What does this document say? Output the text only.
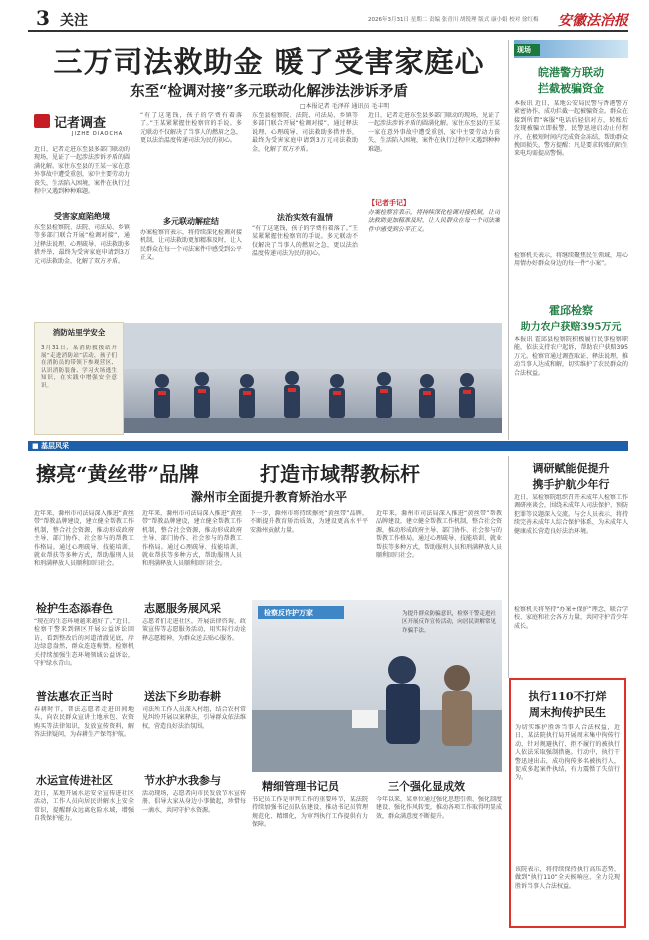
3 关注	2026年3月31日 星期二 责编 张青川 胡锐理 版式 康小娟 校对 徐红梅 安徽法治报
三万司法救助金 暖了受害家庭心
东至“检调对接”多元联动化解涉法涉诉矛盾
□本报记者 毛泽祥 通讯员 毛丰明
记者调查
JIZHE DIAOCHA
近日，记者走进东至县多部门联动的现场，见证了一起涉法涉诉矛盾的圆满化解。家住东至县的王某一家在意外事故中遭受重创，家中主要劳动力丧失，生活陷入困境，案件在执行过程中又遇到种种难题。
受害家庭陷绝境
东至县检察院、法院、司法局、乡镇等多部门联合开展“检调对接”，通过释法说理、心理疏导、司法救助多措并举，最终为受害家庭申请到3万元司法救助金，化解了双方矛盾。
“有了这笔钱，孩子的学费有着落了。”王某紧紧握住检察官的手说。多元联动不仅解决了当事人的燃眉之急，更以法治温度传递司法为民的初心。
多元联动解症结
办案检察官表示，将持续深化检调对接机制，让司法救助更加精准及时，让人民群众在每一个司法案件中感受到公平正义。
东至县检察院、法院、司法局、乡镇等多部门联合开展“检调对接”，通过释法说理、心理疏导、司法救助多措并举，最终为受害家庭申请到3万元司法救助金，化解了双方矛盾。
法治实效有温情
“有了这笔钱，孩子的学费有着落了。”王某紧紧握住检察官的手说。多元联动不仅解决了当事人的燃眉之急，更以法治温度传递司法为民的初心。
近日，记者走进东至县多部门联动的现场，见证了一起涉法涉诉矛盾的圆满化解。家住东至县的王某一家在意外事故中遭受重创，家中主要劳动力丧失，生活陷入困境，案件在执行过程中又遇到种种难题。
【记者手记】
办案检察官表示，将持续深化检调对接机制，让司法救助更加精准及时，让人民群众在每一个司法案件中感受到公平正义。
消防站里学安全
3月31日，某消防救援站开展“走进消防站”活动，孩子们在消防员的带领下参观营区、认识消防装备、学习火场逃生知识，在实践中增强安全意识。
现场
皖港警方联动
拦截被骗资金
本报讯 近日，某地公安局民警与香港警方紧密协作，成功拦截一起被骗资金。群众在接到所谓“客服”电话后轻信对方，转账后发现被骗立即报警，民警迅速启动止付程序，在极短时间内完成资金冻结，帮助群众挽回损失。警方提醒：凡是要求转账的陌生来电均需提高警惕。
检察机关表示，将继续聚焦民生领域，用心用情办好群众身边的每一件“小案”。
霍邱检察
助力农户获赔395万元
本报讯 霍邱县检察院积极履行民事检察职能，依法支持农户起诉，帮助农户获赔395万元。检察官通过调查取证、释法说理，推动当事人达成和解，切实维护了农民群众的合法权益。
■ 基层风采
擦亮“黄丝带”品牌	打造市域帮教标杆
滁州市全面提升教育矫治水平
近年来，滁州市司法局深入推进“黄丝带”帮教品牌建设，建立健全帮教工作机制，整合社会资源，推动形成政府主导、部门协作、社会参与的帮教工作格局。通过心理疏导、技能培训、就业帮扶等多种方式，帮助服刑人员和刑满释放人员顺利回归社会。
近年来，滁州市司法局深入推进“黄丝带”帮教品牌建设，建立健全帮教工作机制，整合社会资源，推动形成政府主导、部门协作、社会参与的帮教工作格局。通过心理疏导、技能培训、就业帮扶等多种方式，帮助服刑人员和刑满释放人员顺利回归社会。
下一步，滁州市将持续擦亮“黄丝带”品牌，不断提升教育矫治质效，为建设更高水平平安滁州贡献力量。
近年来，滁州市司法局深入推进“黄丝带”帮教品牌建设，建立健全帮教工作机制，整合社会资源，推动形成政府主导、部门协作、社会参与的帮教工作格局。通过心理疏导、技能培训、就业帮扶等多种方式，帮助服刑人员和刑满释放人员顺利回归社会。
调研赋能促提升
携手护航少年行
近日，某检察院组织召开未成年人检察工作调研座谈会，围绕未成年人司法保护、预防犯罪等议题深入交流。与会人员表示，将持续完善未成年人综合保护体系，为未成年人健康成长营造良好法治环境。
检察机关将坚持“办案+保护”理念，联合学校、家庭和社会各方力量，共同守护青少年成长。
检护生态添春色
“现在的生态环境越来越好了。”近日，检察干警来到辖区开展公益诉讼回访，看到整改后的河道清澈见底，岸边绿意盎然，群众连连称赞。检察机关持续加强生态环境领域公益诉讼，守护绿水青山。
志愿服务展风采
志愿者们走进社区，开展法律咨询、政策宣传等志愿服务活动，用实际行动诠释志愿精神，为群众送去贴心服务。
普法惠农正当时
春耕时节，普法志愿者走进田间地头，向农民群众宣讲土地承包、农资购买等法律知识，发放宣传资料，解答法律疑问，为春耕生产保驾护航。
送法下乡助春耕
司法所工作人员深入村组，结合农村常见纠纷开展以案释法，引导群众依法维权，营造良好法治氛围。
水运宣传进社区
近日，某地开展水运安全宣传进社区活动，工作人员向居民讲解水上安全常识，提醒群众远离危险水域，增强自我保护能力。
节水护水我参与
活动现场，志愿者向市民发放节水宣传册，倡导大家从身边小事做起，珍惜每一滴水，共同守护水资源。
检察反诈护万家	为提升群众防骗意识，检察干警走进社区开展反诈宣传活动，向居民讲解常见诈骗手法。
精细管理书记员
书记员工作是审判工作的重要环节，某法院持续加强书记员队伍建设，推动书记员管理规范化、精细化，为审判执行工作提供有力保障。
三个强化显成效
今年以来，某单位通过强化思想引领、强化制度建设、强化作风转变，推动各项工作取得明显成效，群众满意度不断提升。
执行110不打烊
周末拘传护民生
为切实维护胜诉当事人合法权益，近日，某法院执行局开展周末集中拘传行动，针对规避执行、拒不履行的被执行人依法采取强制措施。行动中，执行干警迅速出击，成功拘传多名被执行人，促成多起案件执结，有力震慑了失信行为。
该院表示，将持续保持执行高压态势，做到“执行110”全天候响应，全力兑现胜诉当事人合法权益。
